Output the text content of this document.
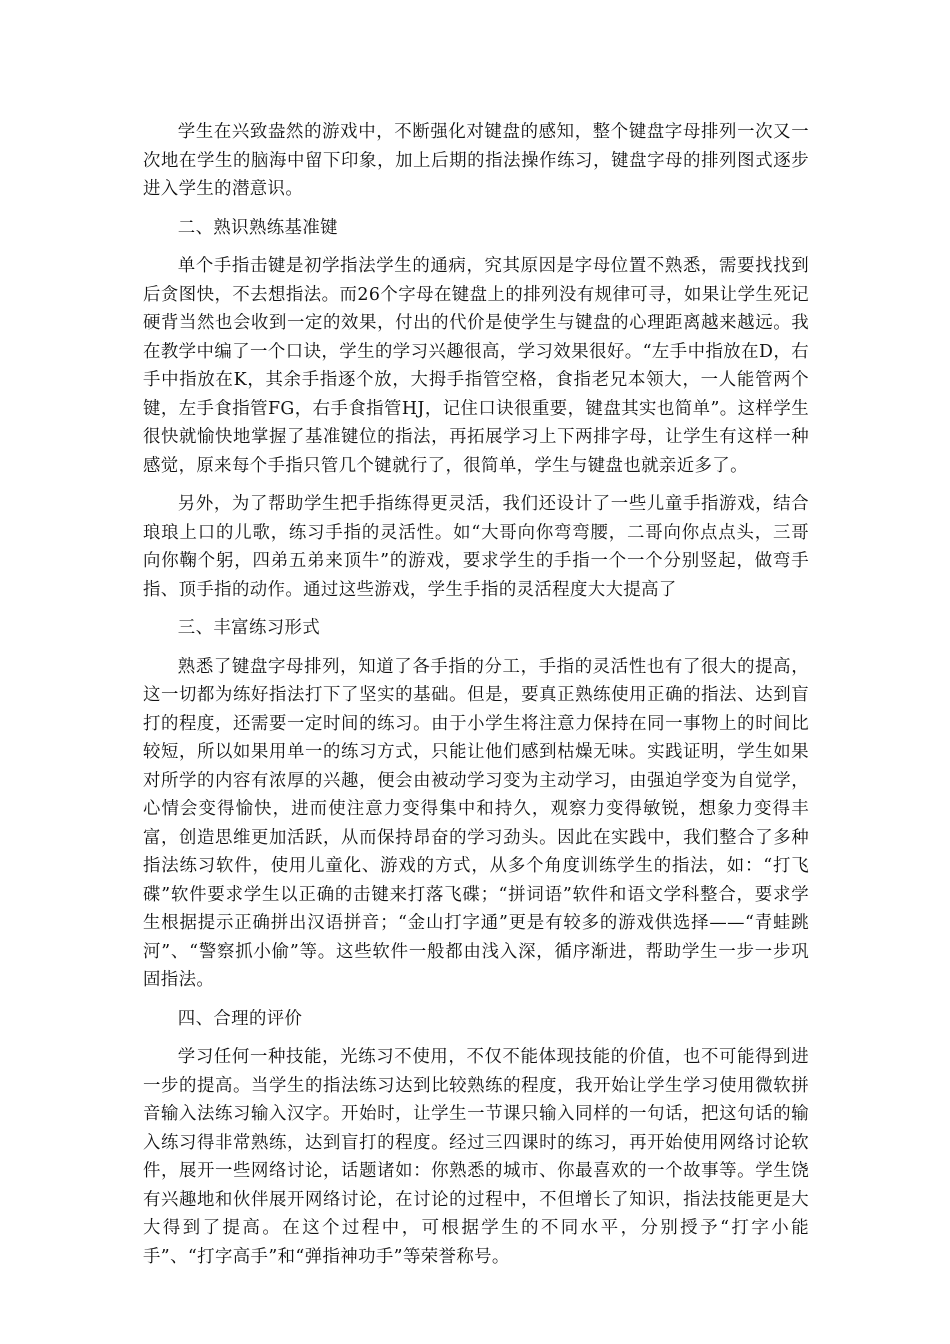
学生在兴致盎然的游戏中，不断强化对键盘的感知，整个键盘字母排列一次又一次地在学生的脑海中留下印象，加上后期的指法操作练习，键盘字母的排列图式逐步进入学生的潜意识。

二、熟识熟练基准键

单个手指击键是初学指法学生的通病，究其原因是字母位置不熟悉，需要找找到后贪图快，不去想指法。而26个字母在键盘上的排列没有规律可寻，如果让学生死记硬背当然也会收到一定的效果，付出的代价是使学生与键盘的心理距离越来越远。我在教学中编了一个口诀，学生的学习兴趣很高，学习效果很好。“左手中指放在D，右手中指放在K，其余手指逐个放，大拇手指管空格，食指老兄本领大，一人能管两个键，左手食指管FG，右手食指管HJ，记住口诀很重要，键盘其实也简单”。这样学生很快就愉快地掌握了基准键位的指法，再拓展学习上下两排字母，让学生有这样一种感觉，原来每个手指只管几个键就行了，很简单，学生与键盘也就亲近多了。

另外，为了帮助学生把手指练得更灵活，我们还设计了一些儿童手指游戏，结合琅琅上口的儿歌，练习手指的灵活性。如“大哥向你弯弯腰，二哥向你点点头，三哥向你鞠个躬，四弟五弟来顶牛”的游戏，要求学生的手指一个一个分别竖起，做弯手指、顶手指的动作。通过这些游戏，学生手指的灵活程度大大提高了

三、丰富练习形式

熟悉了键盘字母排列，知道了各手指的分工，手指的灵活性也有了很大的提高，这一切都为练好指法打下了坚实的基础。但是，要真正熟练使用正确的指法、达到盲打的程度，还需要一定时间的练习。由于小学生将注意力保持在同一事物上的时间比较短，所以如果用单一的练习方式，只能让他们感到枯燥无味。实践证明，学生如果对所学的内容有浓厚的兴趣，便会由被动学习变为主动学习，由强迫学变为自觉学，心情会变得愉快，进而使注意力变得集中和持久，观察力变得敏锐，想象力变得丰富，创造思维更加活跃，从而保持昂奋的学习劲头。因此在实践中，我们整合了多种指法练习软件，使用儿童化、游戏的方式，从多个角度训练学生的指法，如：“打飞碟”软件要求学生以正确的击键来打落飞碟；“拼词语”软件和语文学科整合，要求学生根据提示正确拼出汉语拼音；“金山打字通”更是有较多的游戏供选择——“青蛙跳河”、“警察抓小偷”等。这些软件一般都由浅入深，循序渐进，帮助学生一步一步巩固指法。

四、合理的评价

学习任何一种技能，光练习不使用，不仅不能体现技能的价值，也不可能得到进一步的提高。当学生的指法练习达到比较熟练的程度，我开始让学生学习使用微软拼音输入法练习输入汉字。开始时，让学生一节课只输入同样的一句话，把这句话的输入练习得非常熟练，达到盲打的程度。经过三四课时的练习，再开始使用网络讨论软件，展开一些网络讨论，话题诸如：你熟悉的城市、你最喜欢的一个故事等。学生饶有兴趣地和伙伴展开网络讨论，在讨论的过程中，不但增长了知识，指法技能更是大大得到了提高。在这个过程中，可根据学生的不同水平，分别授予“打字小能手”、“打字高手”和“弹指神功手”等荣誉称号。
